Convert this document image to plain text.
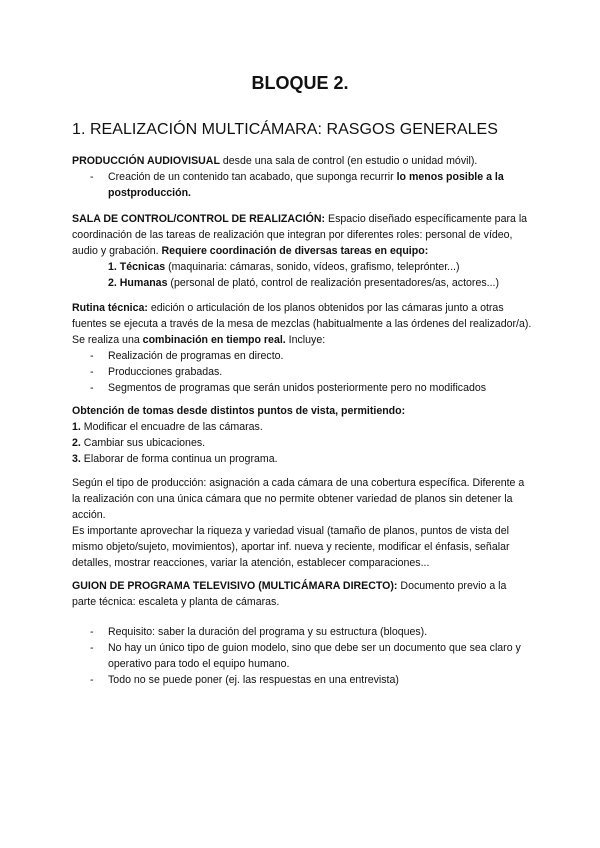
BLOQUE 2.
1. REALIZACIÓN MULTICÁMARA: RASGOS GENERALES

PRODUCCIÓN AUDIOVISUAL desde una sala de control (en estudio o unidad móvil).

- Creación de un contenido tan acabado, que suponga recurrir lo menos posible a la postproducción.

SALA DE CONTROL/CONTROL DE REALIZACIÓN: Espacio diseñado específicamente para la coordinación de las tareas de realización que integran por diferentes roles: personal de vídeo, audio y grabación. Requiere coordinación de diversas tareas en equipo:

1. Técnicas (maquinaria: cámaras, sonido, vídeos, grafismo, teleprónter...)
2. Humanas (personal de plató, control de realización presentadores/as, actores...)

Rutina técnica: edición o articulación de los planos obtenidos por las cámaras junto a otras fuentes se ejecuta a través de la mesa de mezclas (habitualmente a las órdenes del realizador/a). Se realiza una combinación en tiempo real. Incluye:

- Realización de programas en directo.
- Producciones grabadas.
- Segmentos de programas que serán unidos posteriormente pero no modificados

Obtención de tomas desde distintos puntos de vista, permitiendo:

1. Modificar el encuadre de las cámaras.

2. Cambiar sus ubicaciones.

3. Elaborar de forma continua un programa.

Según el tipo de producción: asignación a cada cámara de una cobertura específica. Diferente a la realización con una única cámara que no permite obtener variedad de planos sin detener la acción.

Es importante aprovechar la riqueza y variedad visual (tamaño de planos, puntos de vista del mismo objeto/sujeto, movimientos), aportar inf. nueva y reciente, modificar el énfasis, señalar detalles, mostrar reacciones, variar la atención, establecer comparaciones...

GUION DE PROGRAMA TELEVISIVO (MULTICÁMARA DIRECTO): Documento previo a la parte técnica: escaleta y planta de cámaras.

- Requisito: saber la duración del programa y su estructura (bloques).
- No hay un único tipo de guion modelo, sino que debe ser un documento que sea claro y operativo para todo el equipo humano.
- Todo no se puede poner (ej. las respuestas en una entrevista)
